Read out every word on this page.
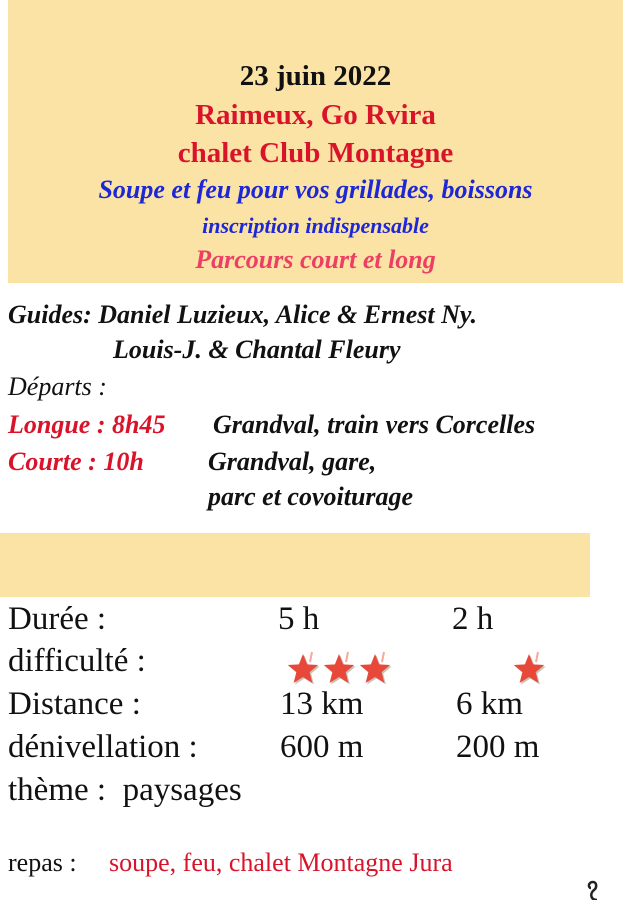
23 juin 2022
Raimeux, Go Rvira
chalet Club Montagne
Soupe et feu pour vos grillades, boissons
inscription indispensable
Parcours court et long
Guides: Daniel Luzieux, Alice & Ernest Ny.
Louis-J. & Chantal Fleury
Départs :
Longue : 8h45 Grandval, train vers Corcelles
Courte : 10h Grandval, gare,
parc et covoiturage
Durée :	5 h	2 h
difficulté :
Distance :	13 km	6 km
dénivellation : 600 m	200 m
thème : paysages
repas : soupe, feu, chalet Montagne Jura
